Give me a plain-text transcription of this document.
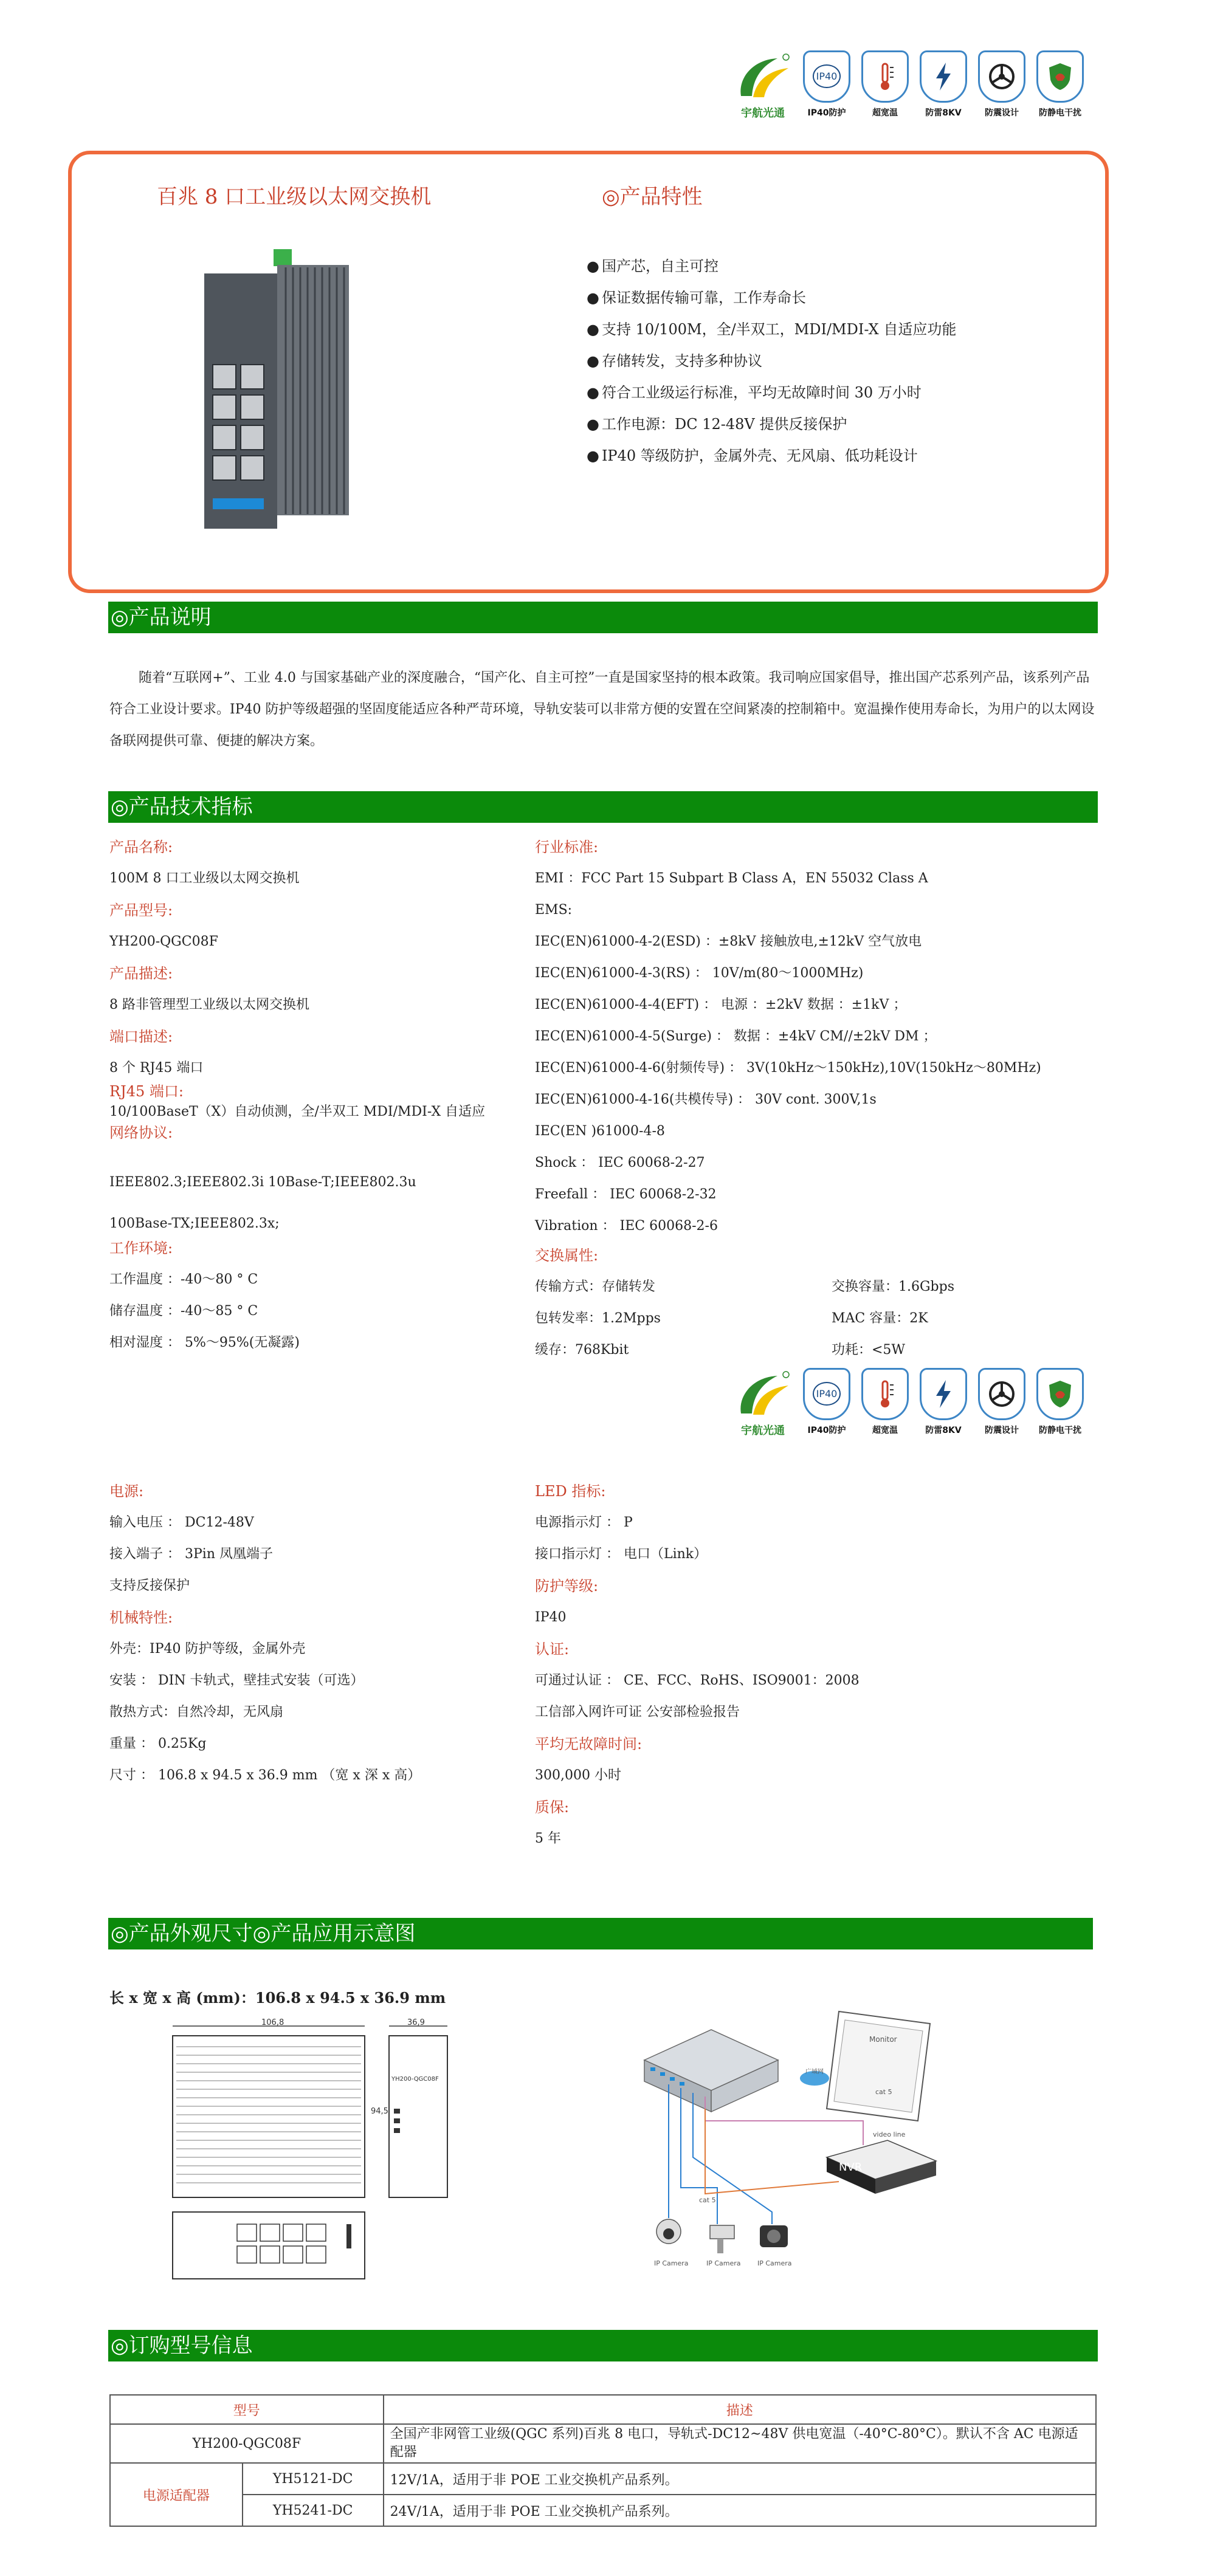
宇航光通
IP40
IP40防护	超宽温	防雷8KV	防震设计 防静电干扰
百兆 8 口工业级以太网交换机	◎产品特性
● 国产芯，自主可控
● 保证数据传输可靠，工作寿命长
● 支持 10/100M，全/半双工，MDI/MDI-X 自适应功能
● 存储转发，支持多种协议
● 符合工业级运行标准，平均无故障时间 30 万小时
● 工作电源：DC 12-48V 提供反接保护
● IP40 等级防护，金属外壳、无风扇、低功耗设计
◎产品说明
随着“互联网+”、工业 4.0 与国家基础产业的深度融合，“国产化、自主可控”一直是国家坚持的根本政策。我司响应国家倡导，推出国产芯系列产品，该系列产品符合工业设计要求。IP40 防护等级超强的坚固度能适应各种严苛环境，导轨安装可以非常方便的安置在空间紧凑的控制箱中。宽温操作使用寿命长，为用户的以太网设备联网提供可靠、便捷的解决方案。
◎产品技术指标
产品名称:
100M 8 口工业级以太网交换机
产品型号:
YH200-QGC08F
产品描述:
8 路非管理型工业级以太网交换机
端口描述:
8 个 RJ45 端口
RJ45 端口:
10/100BaseT（X）自动侦测，全/半双工 MDI/MDI-X 自适应
网络协议:
IEEE802.3;IEEE802.3i 10Base-T;IEEE802.3u
100Base-TX;IEEE802.3x;
工作环境:
工作温度 ：-40～80 ° C
储存温度 ：-40～85 ° C
相对湿度 ： 5%～95%(无凝露)
行业标准:
EMI ：FCC Part 15 Subpart B Class A，EN 55032 Class A
EMS:
IEC(EN)61000-4-2(ESD) ：±8kV 接触放电,±12kV 空气放电
IEC(EN)61000-4-3(RS) ： 10V/m(80～1000MHz)
IEC(EN)61000-4-4(EFT) ： 电源 ：±2kV 数据 ：±1kV ；
IEC(EN)61000-4-5(Surge) ： 数据 ：±4kV CM//±2kV DM ；
IEC(EN)61000-4-6(射频传导) ： 3V(10kHz～150kHz),10V(150kHz～80MHz)
IEC(EN)61000-4-16(共模传导) ： 30V cont. 300V,1s
IEC(EN )61000-4-8
Shock ： IEC 60068-2-27
Freefall ： IEC 60068-2-32
Vibration ： IEC 60068-2-6
交换属性:
传输方式：存储转发	交换容量：1.6Gbps
包转发率：1.2Mpps	MAC 容量：2K
缓存：768Kbit	功耗：<5W
宇航光通
IP40
IP40防护	超宽温	防雷8KV	防震设计 防静电干扰
电源:
输入电压 ： DC12-48V
接入端子 ： 3Pin 凤凰端子
支持反接保护
机械特性:
外壳：IP40 防护等级，金属外壳
安装 ： DIN 卡轨式，壁挂式安装（可选）
散热方式：自然冷却，无风扇
重量 ： 0.25Kg
尺寸 ： 106.8 x 94.5 x 36.9 mm （宽 x 深 x 高）
LED 指标:
电源指示灯 ： P
接口指示灯 ： 电口（Link）
防护等级:
IP40
认证:
可通过认证 ： CE、FCC、RoHS、ISO9001：2008
工信部入网许可证 公安部检验报告
平均无故障时间:
300,000 小时
质保:
5 年
◎产品外观尺寸◎产品应用示意图
长 x 宽 x 高 (mm)：106.8 x 94.5 x 36.9 mm
106,8	36,9
YH200-QGC08F
94,5
Monitor
广域网
NVR
video line
cat 5
cat 5
IP Camera	IP Camera IP Camera
◎订购型号信息
型号		描述
YH200-QGC08F		全国产非网管工业级(QGC 系列)百兆 8 电口，导轨式-DC12~48V 供电宽温（-40°C-80°C）。默认不含 AC 电源适配器
电源适配器	YH5121-DC	12V/1A，适用于非 POE 工业交换机产品系列。
	YH5241-DC	24V/1A，适用于非 POE 工业交换机产品系列。
